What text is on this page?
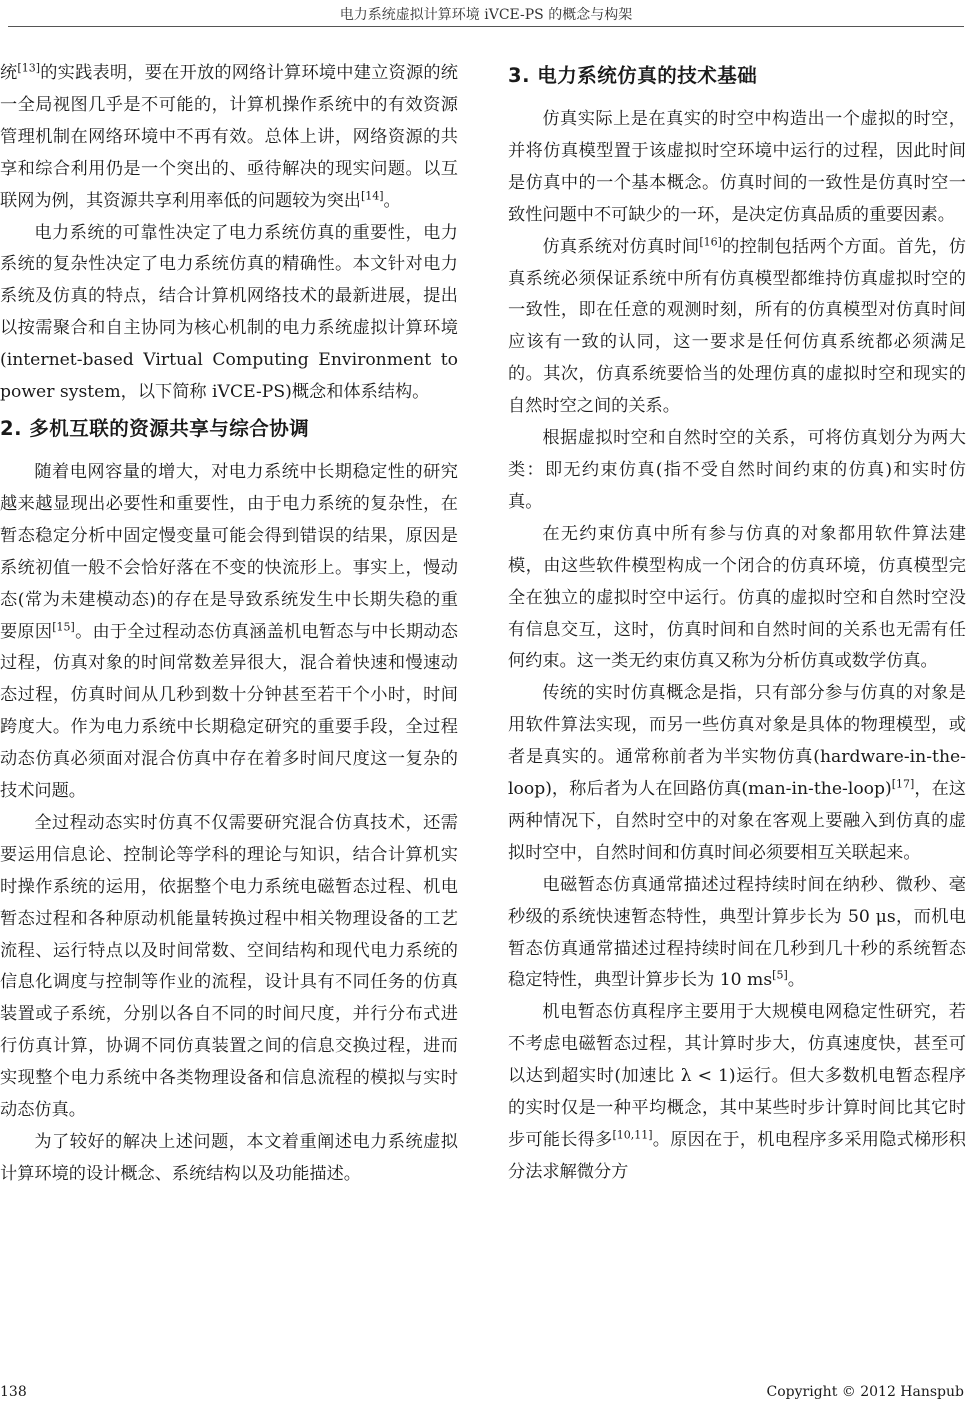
电力系统虚拟计算环境 iVCE-PS 的概念与构架

统[13]的实践表明，要在开放的网络计算环境中建立资源的统一全局视图几乎是不可能的，计算机操作系统中的有效资源管理机制在网络环境中不再有效。总体上讲，网络资源的共享和综合利用仍是一个突出的、亟待解决的现实问题。以互联网为例，其资源共享利用率低的问题较为突出[14]。

电力系统的可靠性决定了电力系统仿真的重要性，电力系统的复杂性决定了电力系统仿真的精确性。本文针对电力系统及仿真的特点，结合计算机网络技术的最新进展，提出以按需聚合和自主协同为核心机制的电力系统虚拟计算环境(internet-based Virtual Computing Environment to power system，以下简称 iVCE-PS)概念和体系结构。

2. 多机互联的资源共享与综合协调

随着电网容量的增大，对电力系统中长期稳定性的研究越来越显现出必要性和重要性，由于电力系统的复杂性，在暂态稳定分析中固定慢变量可能会得到错误的结果，原因是系统初值一般不会恰好落在不变的快流形上。事实上，慢动态(常为未建模动态)的存在是导致系统发生中长期失稳的重要原因[15]。由于全过程动态仿真涵盖机电暂态与中长期动态过程，仿真对象的时间常数差异很大，混合着快速和慢速动态过程，仿真时间从几秒到数十分钟甚至若干个小时，时间跨度大。作为电力系统中长期稳定研究的重要手段，全过程动态仿真必须面对混合仿真中存在着多时间尺度这一复杂的技术问题。

全过程动态实时仿真不仅需要研究混合仿真技术，还需要运用信息论、控制论等学科的理论与知识，结合计算机实时操作系统的运用，依据整个电力系统电磁暂态过程、机电暂态过程和各种原动机能量转换过程中相关物理设备的工艺流程、运行特点以及时间常数、空间结构和现代电力系统的信息化调度与控制等作业的流程，设计具有不同任务的仿真装置或子系统，分别以各自不同的时间尺度，并行分布式进行仿真计算，协调不同仿真装置之间的信息交换过程，进而实现整个电力系统中各类物理设备和信息流程的模拟与实时动态仿真。

为了较好的解决上述问题，本文着重阐述电力系统虚拟计算环境的设计概念、系统结构以及功能描述。

3. 电力系统仿真的技术基础

仿真实际上是在真实的时空中构造出一个虚拟的时空，并将仿真模型置于该虚拟时空环境中运行的过程，因此时间是仿真中的一个基本概念。仿真时间的一致性是仿真时空一致性问题中不可缺少的一环，是决定仿真品质的重要因素。

仿真系统对仿真时间[16]的控制包括两个方面。首先，仿真系统必须保证系统中所有仿真模型都维持仿真虚拟时空的一致性，即在任意的观测时刻，所有的仿真模型对仿真时间应该有一致的认同，这一要求是任何仿真系统都必须满足的。其次，仿真系统要恰当的处理仿真的虚拟时空和现实的自然时空之间的关系。

根据虚拟时空和自然时空的关系，可将仿真划分为两大类：即无约束仿真(指不受自然时间约束的仿真)和实时仿真。

在无约束仿真中所有参与仿真的对象都用软件算法建模，由这些软件模型构成一个闭合的仿真环境，仿真模型完全在独立的虚拟时空中运行。仿真的虚拟时空和自然时空没有信息交互，这时，仿真时间和自然时间的关系也无需有任何约束。这一类无约束仿真又称为分析仿真或数学仿真。

传统的实时仿真概念是指，只有部分参与仿真的对象是用软件算法实现，而另一些仿真对象是具体的物理模型，或者是真实的。通常称前者为半实物仿真(hardware-in-the-loop)，称后者为人在回路仿真(man-in-the-loop)[17]，在这两种情况下，自然时空中的对象在客观上要融入到仿真的虚拟时空中，自然时间和仿真时间必须要相互关联起来。

电磁暂态仿真通常描述过程持续时间在纳秒、微秒、毫秒级的系统快速暂态特性，典型计算步长为 50 μs，而机电暂态仿真通常描述过程持续时间在几秒到几十秒的系统暂态稳定特性，典型计算步长为 10 ms[5]。

机电暂态仿真程序主要用于大规模电网稳定性研究，若不考虑电磁暂态过程，其计算时步大，仿真速度快，甚至可以达到超实时(加速比 λ < 1)运行。但大多数机电暂态程序的实时仅是一种平均概念，其中某些时步计算时间比其它时步可能长得多[10,11]。原因在于，机电程序多采用隐式梯形积分法求解微分方

138	Copyright © 2012 Hanspub
